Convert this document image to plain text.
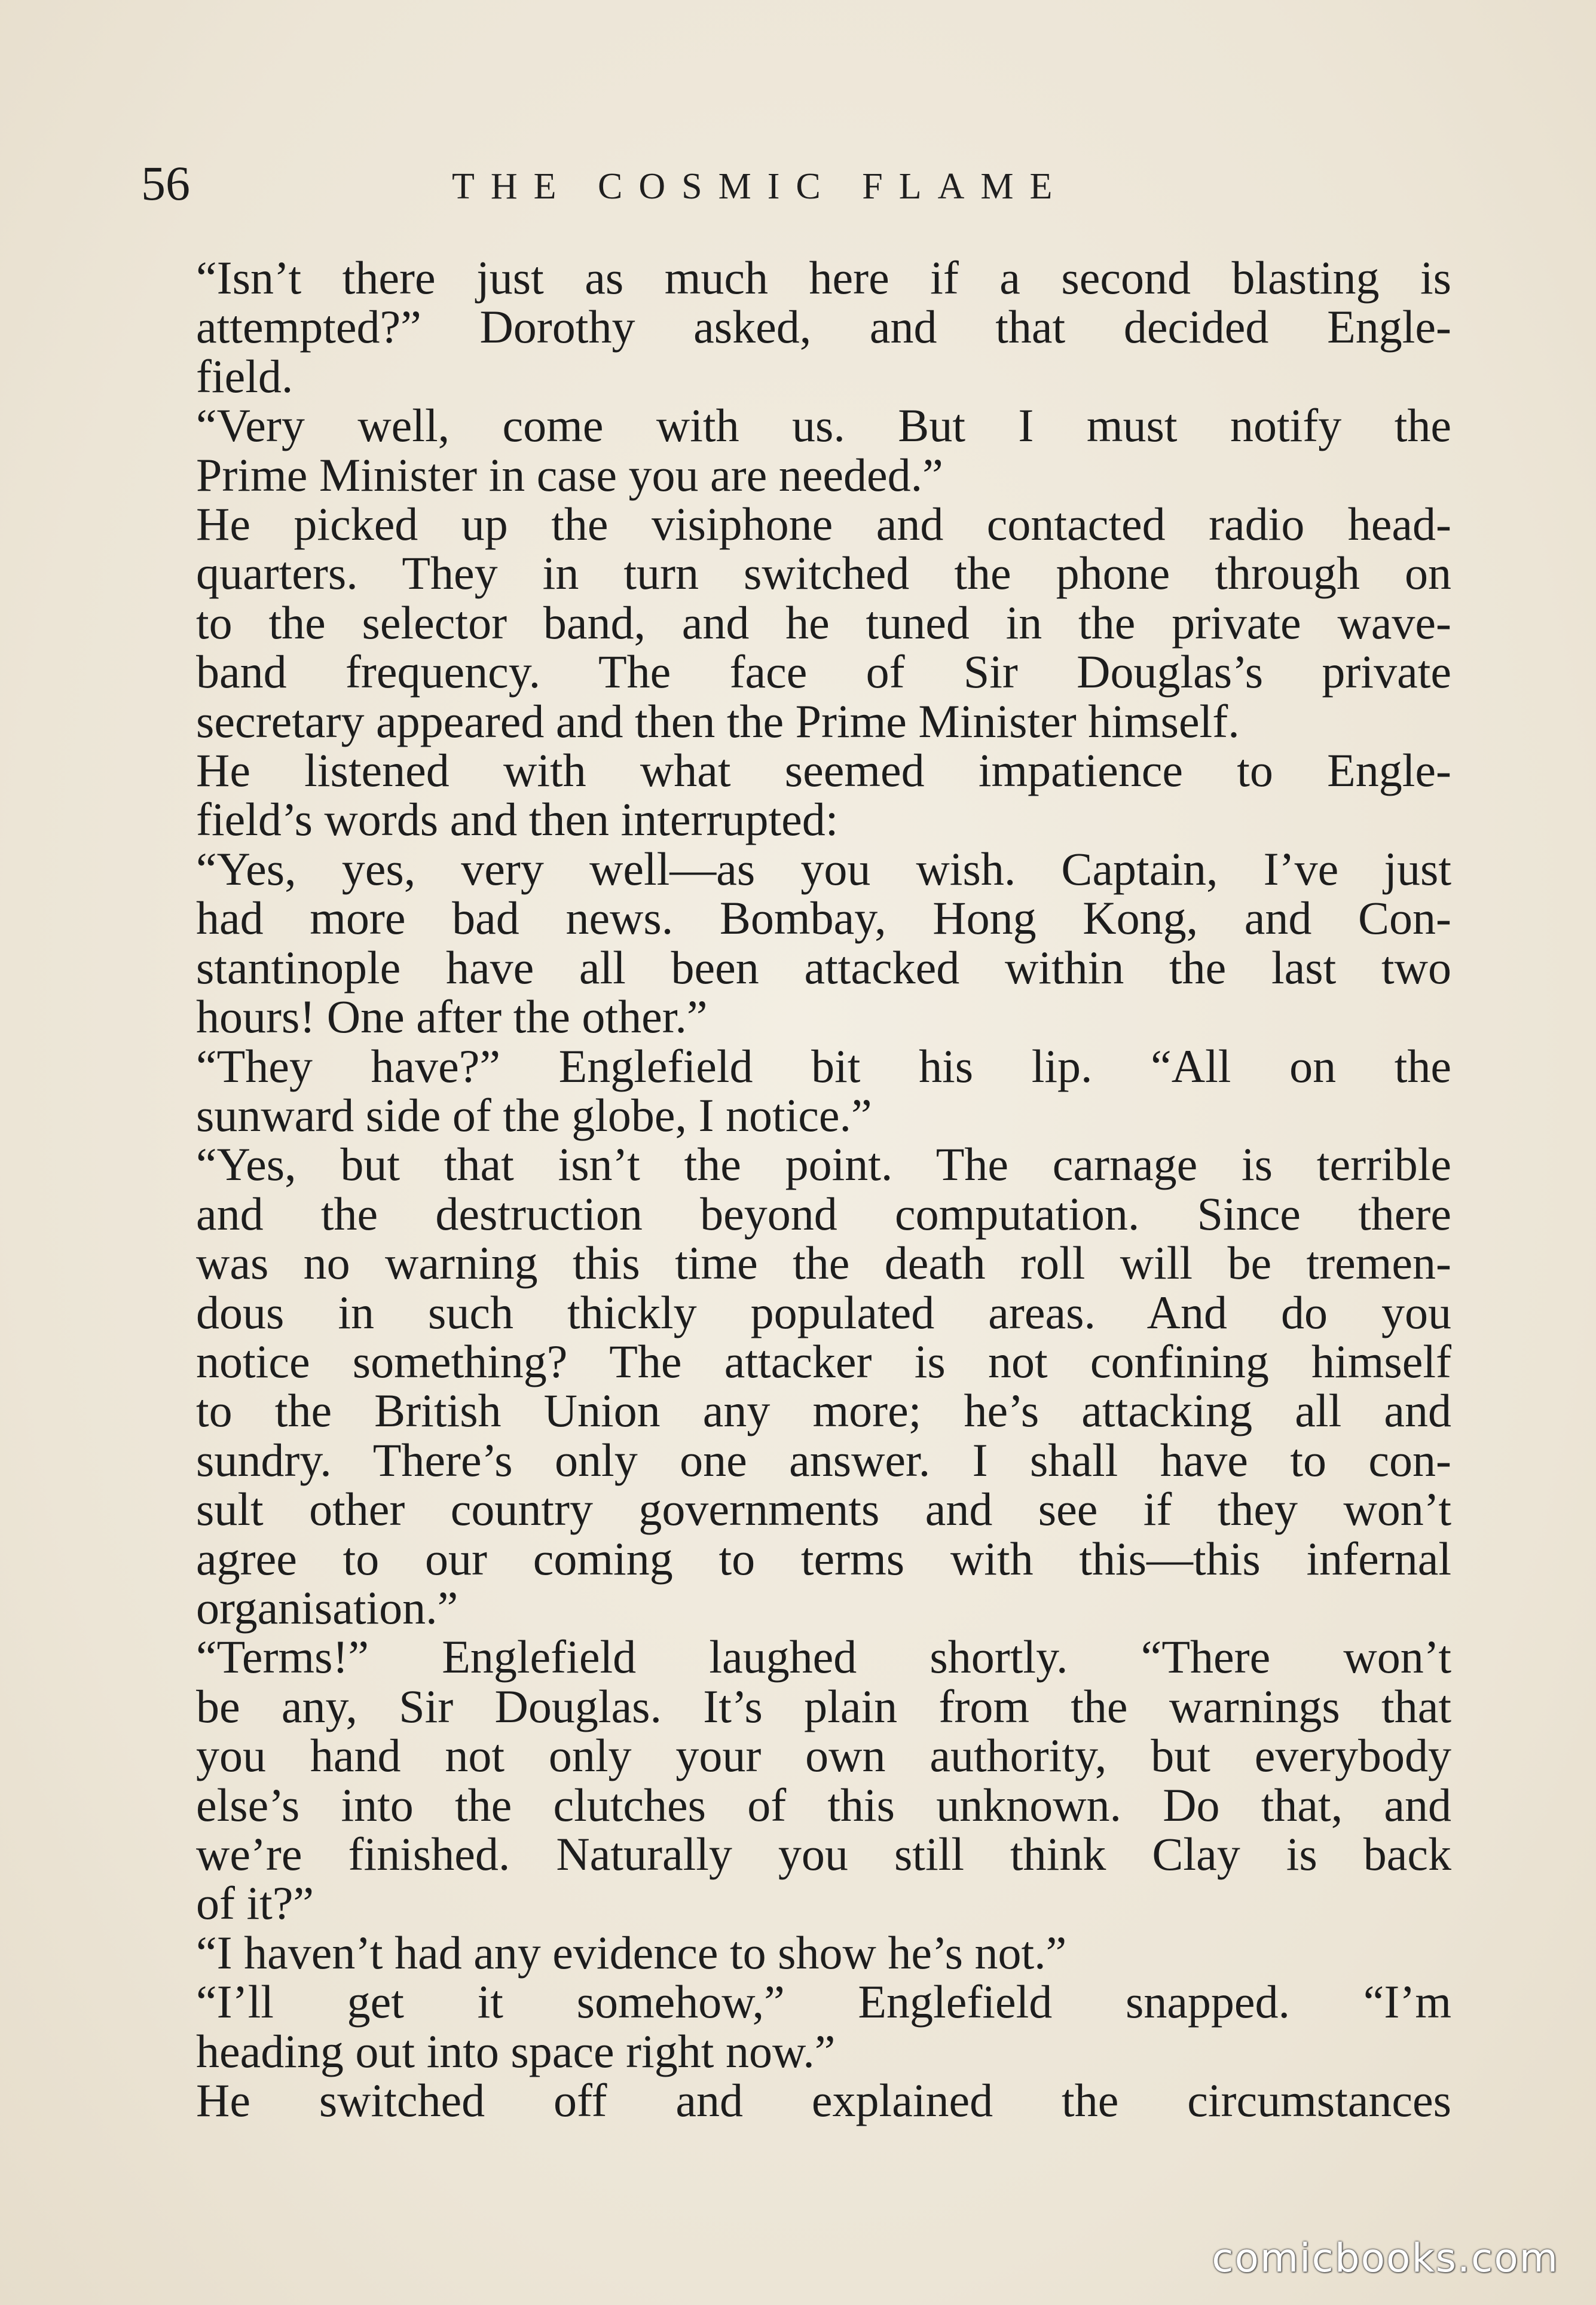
56	THE COSMIC FLAME
“Isn’t there just as much here if a second blasting is
attempted?” Dorothy asked, and that decided Engle-
field.
“Very well, come with us. But I must notify the
Prime Minister in case you are needed.”
He picked up the visiphone and contacted radio head-
quarters. They in turn switched the phone through on
to the selector band, and he tuned in the private wave-
band frequency. The face of Sir Douglas’s private
secretary appeared and then the Prime Minister himself.
He listened with what seemed impatience to Engle-
field’s words and then interrupted:
“Yes, yes, very well—as you wish. Captain, I’ve just
had more bad news. Bombay, Hong Kong, and Con-
stantinople have all been attacked within the last two
hours! One after the other.”
“They have?” Englefield bit his lip. “All on the
sunward side of the globe, I notice.”
“Yes, but that isn’t the point. The carnage is terrible
and the destruction beyond computation. Since there
was no warning this time the death roll will be tremen-
dous in such thickly populated areas. And do you
notice something? The attacker is not confining himself
to the British Union any more; he’s attacking all and
sundry. There’s only one answer. I shall have to con-
sult other country governments and see if they won’t
agree to our coming to terms with this—this infernal
organisation.”
“Terms!” Englefield laughed shortly. “There won’t
be any, Sir Douglas. It’s plain from the warnings that
you hand not only your own authority, but everybody
else’s into the clutches of this unknown. Do that, and
we’re finished. Naturally you still think Clay is back
of it?”
“I haven’t had any evidence to show he’s not.”
“I’ll get it somehow,” Englefield snapped. “I’m
heading out into space right now.”
He switched off and explained the circumstances
comicbooks.com
